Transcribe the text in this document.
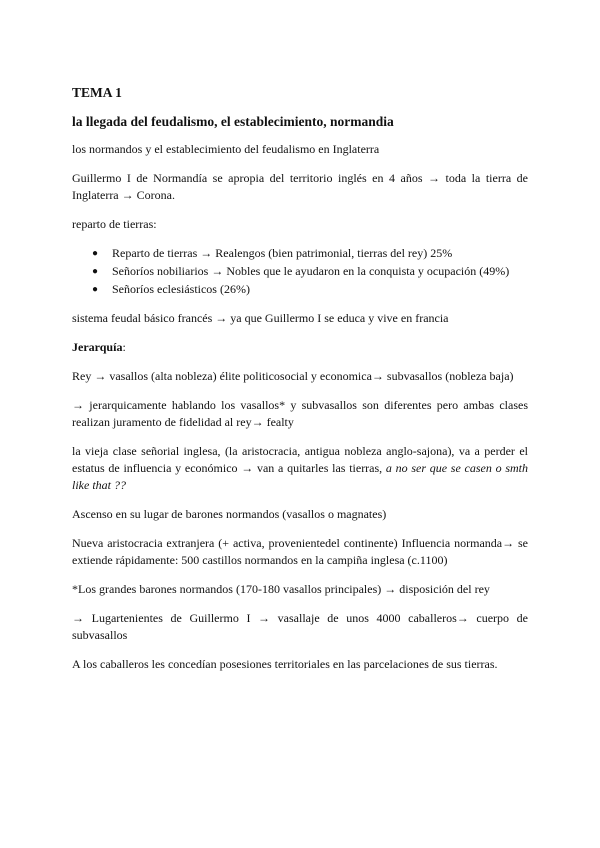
TEMA 1
la llegada del feudalismo, el establecimiento, normandia

los normandos y el establecimiento del feudalismo en Inglaterra

Guillermo I de Normandía se apropia del territorio inglés en 4 años → toda la tierra de Inglaterra → Corona.

reparto de tierras:

● Reparto de tierras → Realengos (bien patrimonial, tierras del rey) 25%
● Señoríos nobiliarios → Nobles que le ayudaron en la conquista y ocupación (49%)
● Señoríos eclesiásticos (26%)

sistema feudal básico francés → ya que Guillermo I se educa y vive en francia

Jerarquía:

Rey → vasallos (alta nobleza) élite politicosocial y economica→ subvasallos (nobleza baja)

→ jerarquicamente hablando los vasallos* y subvasallos son diferentes pero ambas clases realizan juramento de fidelidad al rey→ fealty

la vieja clase señorial inglesa, (la aristocracia, antigua nobleza anglo-sajona), va a perder el estatus de influencia y económico → van a quitarles las tierras, a no ser que se casen o smth like that ??

Ascenso en su lugar de barones normandos (vasallos o magnates)

Nueva aristocracia extranjera (+ activa, provenientedel continente) Influencia normanda→ se extiende rápidamente: 500 castillos normandos en la campiña inglesa (c.1100)

*Los grandes barones normandos (170-180 vasallos principales) → disposición del rey

→ Lugartenientes de Guillermo I → vasallaje de unos 4000 caballeros→ cuerpo de subvasallos

A los caballeros les concedían posesiones territoriales en las parcelaciones de sus tierras.
